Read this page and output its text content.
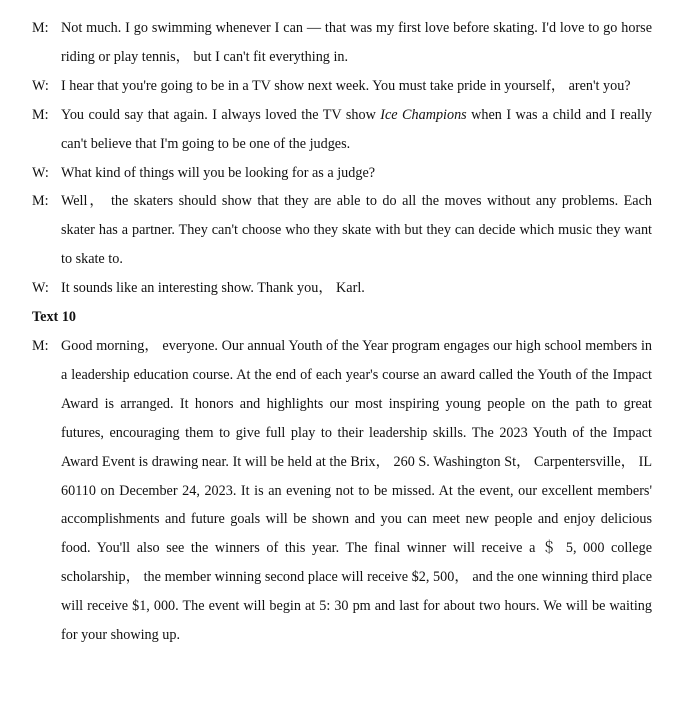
M: Not much. I go swimming whenever I can — that was my first love before skating. I'd love to go horse riding or play tennis， but I can't fit everything in.

W: I hear that you're going to be in a TV show next week. You must take pride in yourself， aren't you?

M: You could say that again. I always loved the TV show Ice Champions when I was a child and I really can't believe that I'm going to be one of the judges.

W: What kind of things will you be looking for as a judge?

M: Well， the skaters should show that they are able to do all the moves without any problems. Each skater has a partner. They can't choose who they skate with but they can decide which music they want to skate to.

W: It sounds like an interesting show. Thank you， Karl.

Text 10

M: Good morning， everyone. Our annual Youth of the Year program engages our high school members in a leadership education course. At the end of each year's course an award called the Youth of the Impact Award is arranged. It honors and highlights our most inspiring young people on the path to great futures, encouraging them to give full play to their leadership skills. The 2023 Youth of the Impact Award Event is drawing near. It will be held at the Brix， 260 S. Washington St， Carpentersville， IL 60110 on December 24, 2023. It is an evening not to be missed. At the event, our excellent members' accomplishments and future goals will be shown and you can meet new people and enjoy delicious food. You'll also see the winners of this year. The final winner will receive a ＄ 5, 000 college scholarship， the member winning second place will receive $2, 500， and the one winning third place will receive $1, 000. The event will begin at 5: 30 pm and last for about two hours. We will be waiting for your showing up.
